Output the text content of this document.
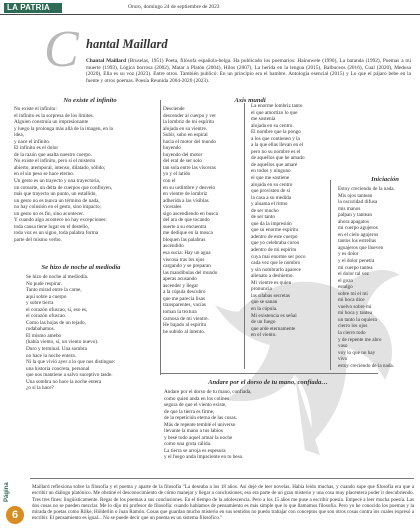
LA PATRIA	Oruro, domingo 24 de septiembre de 2023
C hantal Maillard
Chantal Maillard (Bruselas, 1951) Poeta, filósofa española-belga. Ha publicado los poemarios: Hainuwele (1990), La baranda (1992), Poemas a mi muerte (1993), Lógica borrosa (2002), Matar a Platón (2004), Hilos (2007), La herida en la lengua (2015), Balbuceos (2016), Cual (2020), Medusa (2020), Ella es su voz (2023). Entre otros. También publicó: En un principio era el hambre. Antología esencial (2015) y Lo que el pájaro bebe en la fuente y otros poemas. Poesía Reunida 2004-2020 (2023).
No existe el infinito
No existe el infinito:
el infinito es la sorpresa de los límites.
Alguien construía un impresionante
y luego la prolonga más allá de la imagen, en la
idea,
y nace el infinito.
El infinito es el dolor
de la razón que asalta nuestro cuerpo.
No existe el infinito, pero sí el misterio
abierto, atemporal, intenso, dilatado, sólido;
en el sin peso se hace eterno.
Un gesto es un trayecto y una trayectoria,
un cotoarte, un delta de cuerpos que confluyen,
más que trayecto un punto, un estallido,
un gesto no es nunca un término de nada,
no hay colusión en el gesto, sino impacto;
un gesto no es fin, sino acontecer.
Y cuando algo acontece no hay excepciones:
toda causa tiene lugar en el destello,
toda voz es un signo, toda palabra forma
parte del mismo verbo.
Se hizo de noche al mediodía
Se hizo de noche al mediodía.
No pude respirar.
Tanto mirad entre la carne,
aquí sobre a cuerpo
y sobre tierra
el corazón ofuscao, sí, eso es,
el corazón ofuscao.
Como las hojas de un tejado,
rodabahamos.
El mismo amebo
(había viento, sí, un viento nuevo).
Duro y terminal. Una sombra
no hace la noche entera.
Ni la que vivió ayer a lo que nos distingue:
una historia concreta, personal
que nos mantiene a salvo suceptivo tasde.
Una sombra no hace la noche entera
¿o sí la hace?
Axis mundi
Desciende
descender al cuerpo y ver
la lombriz de mi espíritu
alojada en su vientre.
Subir, subo en espiral
hacia el motor del mundo
huyendo
huyendo del motor
del eral de ser solo
tan sola entre las vísceras
yo y el latido
con el
en su urdimbre y desvelo
en vientre de lombriz
adherida a las vísiblas
vicerales
sigo ascendiendo en busca
del ara de que tocando
suerte a su encuentra
me dedique en la mosca
bloquen las palabras
ascendido
esa sucia: Hay un agua
viscosa tras los ojos
cargando y se preparan
las mandíbulas del mundo
aperas acusando
ascender y llegar
a la cúpula descubro
que me parecía lisas
transparentes, vacías
toman la textura
carnosa de mi vientre.
He bajado al espíritu
he subido al intento.
La enorme lombriz tanto
el que amortizo lo que
me sostenía
alojada en su centro.
El nombre que la pongo
a los que contienen y la
a la que ellas llevan en el
pero no su nombre es el
de aquellos que he amado
de aquellos que amaré
en todos y ninguno
el que me sostiene
alojada en su centro
que provisten de sí
la casa a su medida
y aluama el ritmo
de ser mucho
de ser tanto
que da la impresión
que su enorme espíritu
adentro de este cuerpo
que yo celebraba curoo
adentro de mi espíritu
cuya mai enorme ser poco
cada vez que le nombro
y sin nombrarlo aparece
alienato a deshierno.
Mi vientre es quien
pronuncia
las sílabas secretas
que se sanan
en la cúpula.
Mi existencia es señal
de un fuego
que arde eternamente
en el viento.
Andare por el dorso de tu mano, confiada…
Andare por el dorso de tu mano, confiada,
como quien anda en los colines
segura de que el viento existe,
de que la tierra es firme,
de la repetición eterna de las cosas.
Más de repente temblé el universo
llevante la mano a tus labios
y besé todo aquel armar la noche
como una gruta cálida.
La tierra se arroja es espesura
y el fuego anda impaciente en tu beso.
Iniciación
Estoy creciendo de la nada.
Mis ojos tantean
la oscuridad difusa
mis manos
palpan y tantean
ahora apagatos
mi cuerpo agujeros
en el cielo agujeros
tantos los estrellas
aguajeros que llueven
y es dolor
y el dolor penetra
mi cuerpo tantea
el dolor tal vez
el gozo
estalgo
sobre mí el mi
mi boca dice
vuelvo sobre mí
mi boca y tantea
un tanto la oquiera
cierro los ojos
la cierro todo
y de repente me abro
vaso
voy lo que no hay
vivo
estoy creciendo de la nada.
Maillard reflexiona sobre la filosofía y el poema y aparte de la filosofía "La deseaba a los 18 años. Así dejé de leer novelas. Había leído muchas, y cuando supe que filosofía era que a escribir un diálogo platónico. Me obstiné el desconocimiento de cómo manejar y llegar a conclusiones; eso era parte de un gran misterio y una cosa muy placentera poder ir descubriendo. Tres tres fines: lingüísticamente. Regar de los poemas a sus conclusiones. En el tiempo de la adolescencia. Pero a los 15 años me puse a escribir poesía. Empecé a leer mucha poesía. Las dos cosas no se pueden mezclar. Me lo dijo mi profesor de filosofía: cuando hablamos de pensamiento es más simple que lo que llamamos filosofía. Pero yo he conocido los poemas y la mirada de poetas como Rilke, Hölderlin o Juan Ramón. Cosas que guardan mucho misterio en sus sentidos no puedo trabajar con conceptos que son otros cosas contra los cuales expresó a escribir. El pensamiento es igual... No se puede decir que un poema es un sistema filosófico."
Página
6
